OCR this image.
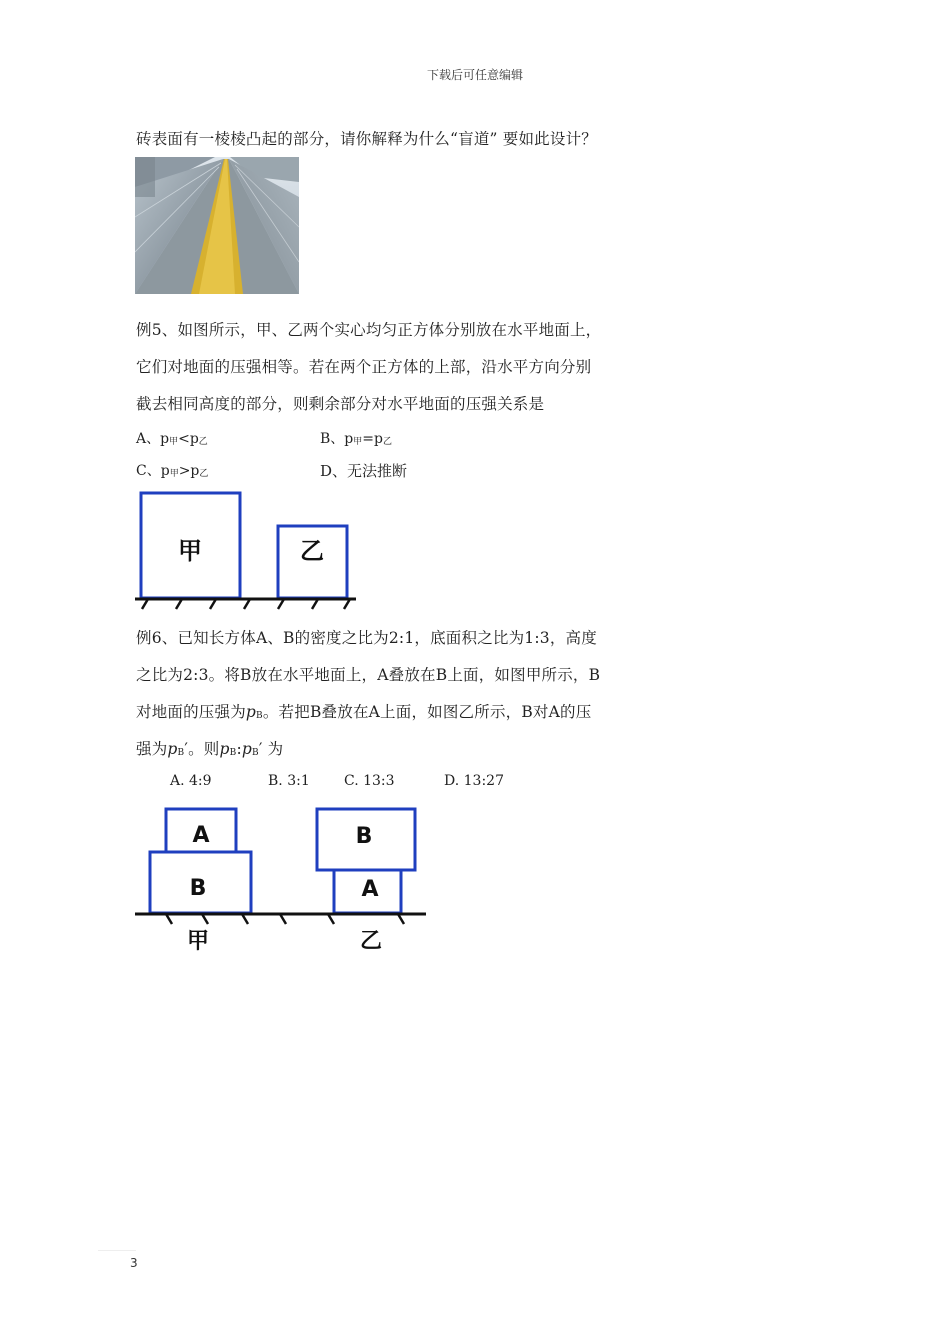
下载后可任意编辑
砖表面有一棱棱凸起的部分，请你解释为什么“盲道” 要如此设计？
例5、如图所示，甲、乙两个实心均匀正方体分别放在水平地面上，
它们对地面的压强相等。若在两个正方体的上部，沿水平方向分别
截去相同高度的部分，则剩余部分对水平地面的压强关系是
A、$p_甲<p_乙$	B、$p_甲=p_乙$
C、$p_甲>p_乙$	D、无法推断
甲	乙
例6、已知长方体A、B的密度之比为2:1，底面积之比为1:3，高度
之比为2:3。将B放在水平地面上，A叠放在B上面，如图甲所示，B
对地面的压强为$p_B$。若把B叠放在A上面，如图乙所示，B对A的压
强为$p_B'$。则$p_B:p_B'$ 为
A. 4:9	B. 3:1 C. 13:3	D. 13:27
A
B
B
A
甲	乙
3
